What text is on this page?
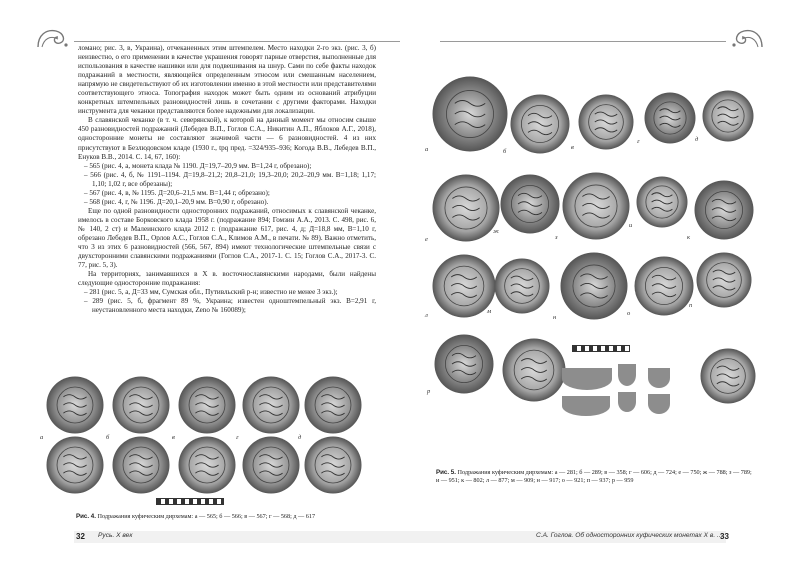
ломано; рис. 3, в, Украина), отчеканенных этим штемпелем. Место находки 2-го экз. (рис. 3, б) неизвестно, о его применении в качестве украшения говорят парные отверстия, выполненные для использования в качестве нашивки или для подвешивания на шнур. Сами по себе факты находок подражаний в местности, являющейся определенным этносом или смешанным населением, напрямую не свидетельствуют об их изготовлении именно в этой местности или представителями соответствующего этноса. Топография находок может быть одним из оснований атрибуции конкретных штемпельных разновидностей лишь в сочетании с другими факторами. Находки инструмента для чеканки представляются более надежными для локализации.

В славянской чеканке (в т. ч. северянской), к которой на данный момент мы относим свыше 450 разновидностей подражаний (Лебедев В.П., Гоглов С.А., Никитин А.П., Яблоков А.Г., 2018), односторонние монеты не составляют значимой части — 6 разновидностей. 4 из них присутствуют в Безлюдовском кладе (1930 г., tpq пред. =324/935–936; Когода В.В., Лебедев В.П., Енуков В.В., 2014. С. 14, 67, 160):

– 565 (рис. 4, а, монета клада № 1190. Д=19,7–20,9 мм. В=1,24 г, обрезано);

– 566 (рис. 4, б, № 1191–1194. Д=19,8–21,2; 20,8–21,0; 19,3–20,0; 20,2–20,9 мм. В=1,18; 1,17; 1,10; 1,02 г, все обрезаны);

– 567 (рис. 4, в, № 1195. Д=20,6–21,5 мм. В=1,44 г, обрезано);

– 568 (рис. 4, г, № 1196. Д=20,1–20,9 мм. В=0,90 г, обрезано).

Еще по одной разновидности односторонних подражаний, относимых к славянской чеканке, имелось в составе Борковского клада 1958 г. (подражание 894; Гомзин А.А., 2013. С. 498, рис. 6, № 140, 2 ст) и Малеинского клада 2012 г. (подражание 617, рис. 4, д; Д=18,8 мм, В=1,10 г, обрезано Лебедев В.П., Орлов А.С., Гоглов С.А., Климов А.М., в печати. № 89). Важно отметить, что 3 из этих 6 разновидностей (566, 567, 894) имеют технологические штемпельные связи с двухсторонними славянскими подражаниями (Гоглов С.А., 2017-1. С. 15; Гоглов С.А., 2017-3. С. 77, рис. 5, 3).

На территориях, занимавшихся в X в. восточнославянскими народами, были найдены следующие односторонние подражания:

– 281 (рис. 5, а, Д=33 мм, Сумская обл., Путивльский р-н; известно не менее 3 экз.);

– 289 (рис. 5, б, фрагмент 89 %, Украина; известен одноштемпельный экз. В=2,91 г, неустановленного места находки, Zeno № 160089);

а	б	в	г	д
Рис. 4. Подражания куфическим дирхемам: а — 565; б — 566; в — 567; г — 568; д — 617
32 Русь. X век
а	б
в
г	д
е
ж
з
и
к
л
м
н
о
п
р
Рис. 5. Подражания куфическим дирхемам: а — 281; б — 289; в — 358; г — 606; д — 724; е — 750; ж — 788; з — 789; и — 951; к — 802; л — 877; м — 909; н — 917; о — 921; п — 937; р — 959
С.А. Гоглов. Об односторонних куфических монетах X в. ...
33
